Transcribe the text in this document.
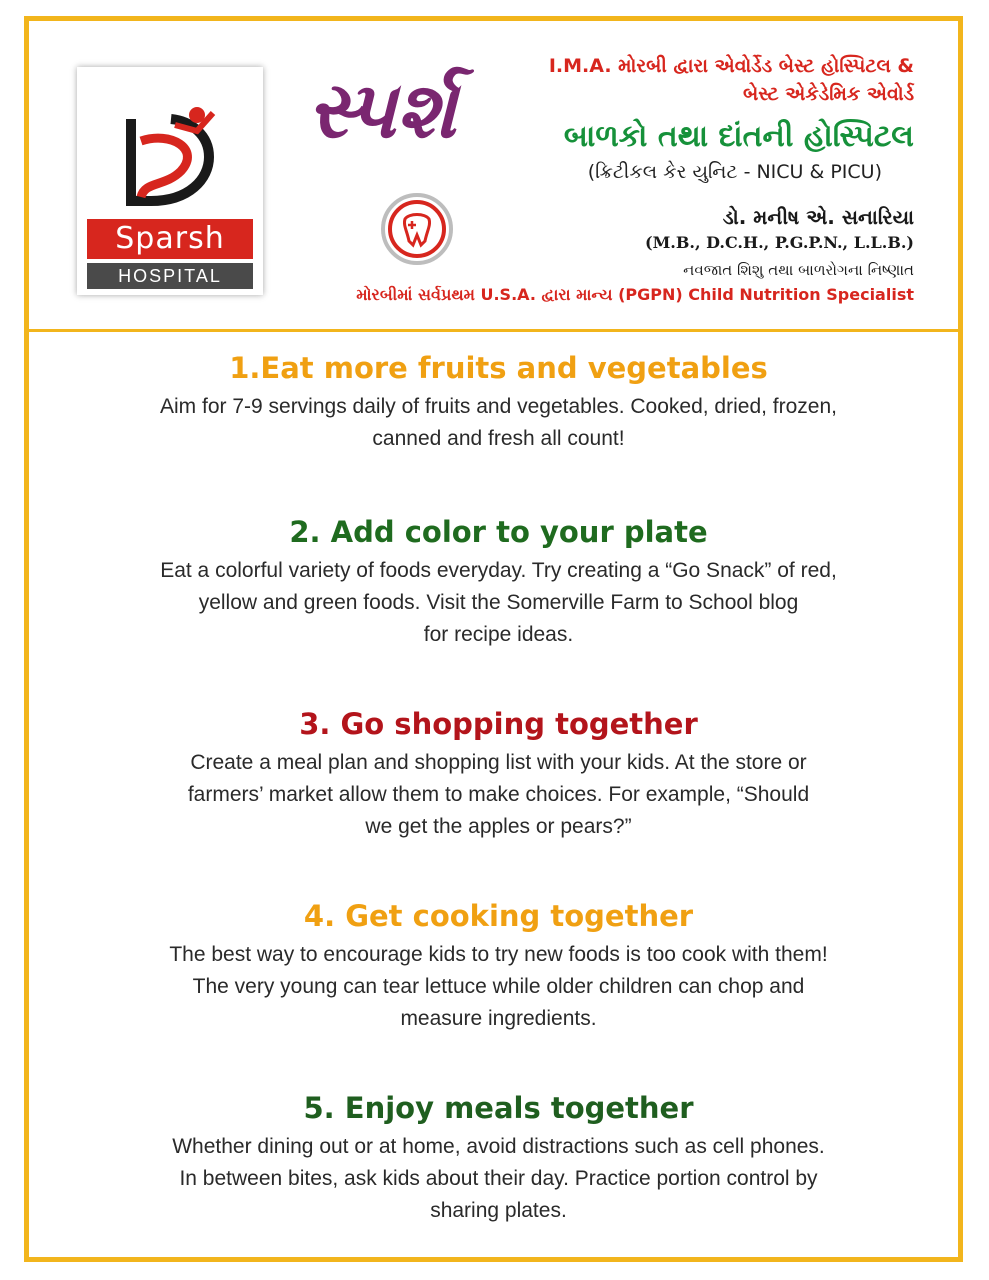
Sparsh
HOSPITAL
સ્પર્શ	I.M.A. મોરબી દ્વારા એવોર્ડેડ બેસ્ટ હોસ્પિટલ &
બેસ્ટ એકેડેમિક એવોર્ડ
બાળકો તથા દાંતની હોસ્પિટલ
(ક્રિટીકલ કેર યુનિટ - NICU & PICU)
ડો. મનીષ એ. સનારિયા
(M.B., D.C.H., P.G.P.N., L.L.B.)
નવજાત શિશુ તથા બાળરોગના નિષ્ણાત
મોરબીમાં સર્વપ્રથમ U.S.A. દ્વારા માન્ય (PGPN) Child Nutrition Specialist
1.Eat more fruits and vegetables
Aim for 7-9 servings daily of fruits and vegetables. Cooked, dried, frozen,
canned and fresh all count!
2. Add color to your plate
Eat a colorful variety of foods everyday. Try creating a “Go Snack” of red,
yellow and green foods. Visit the Somerville Farm to School blog
for recipe ideas.
3. Go shopping together
Create a meal plan and shopping list with your kids. At the store or
farmers’ market allow them to make choices. For example, “Should
we get the apples or pears?”
4. Get cooking together
The best way to encourage kids to try new foods is too cook with them!
The very young can tear lettuce while older children can chop and
measure ingredients.
5. Enjoy meals together
Whether dining out or at home, avoid distractions such as cell phones.
In between bites, ask kids about their day. Practice portion control by
sharing plates.
